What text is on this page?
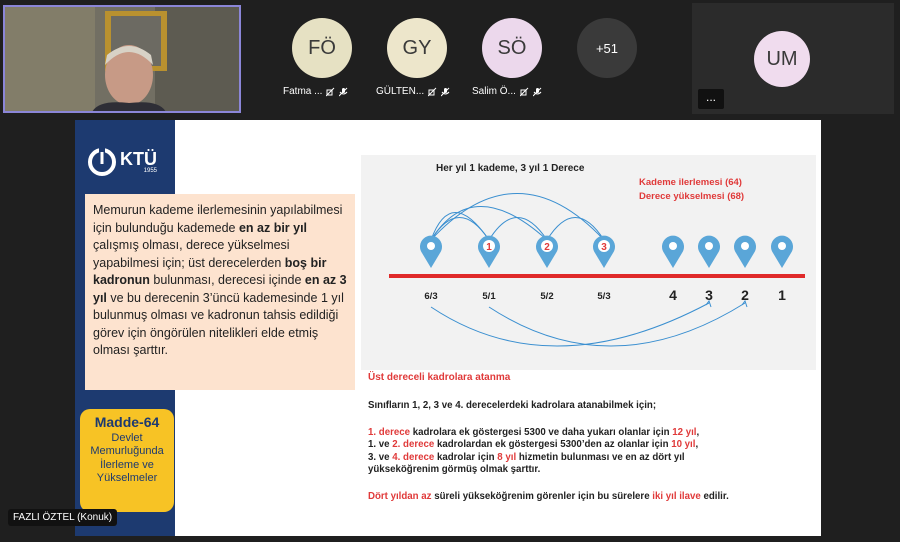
FÖ
Fatma ...
GY
GÜLTEN...
SÖ
Salim Ö...
+51	UM
...
KTÜ
1955
Memurun kademe ilerlemesinin yapılabilmesi için bulunduğu kademede en az bir yıl çalışmış olması, derece yükselmesi yapabilmesi için; üst derecelerden boş bir kadronun bulunması, derecesi içinde en az 3 yıl ve bu derecenin 3’üncü kademesinde 1 yıl bulunmuş olması ve kadronun tahsis edildiği görev için öngörülen nitelikleri elde etmiş olması şarttır.
Madde-64
Devlet
Memurluğunda
İlerleme ve
Yükselmeler
Her yıl 1 kademe, 3 yıl 1 Derece
Kademe ilerlemesi (64)
Derece yükselmesi (68)
1	2	3
6/3	5/1	5/2	5/3	4 3 2 1
Üst dereceli kadrolara atanma
Sınıfların 1, 2, 3 ve 4. derecelerdeki kadrolara atanabilmek için;
1. derece kadrolara ek göstergesi 5300 ve daha yukarı olanlar için 12 yıl,
1. ve 2. derece kadrolardan ek göstergesi 5300’den az olanlar için 10 yıl,
3. ve 4. derece kadrolar için 8 yıl hizmetin bulunması ve en az dört yıl
yükseköğrenim görmüş olmak şarttır.
Dört yıldan az süreli yükseköğrenim görenler için bu sürelere iki yıl ilave edilir.
FAZLI ÖZTEL (Konuk)
